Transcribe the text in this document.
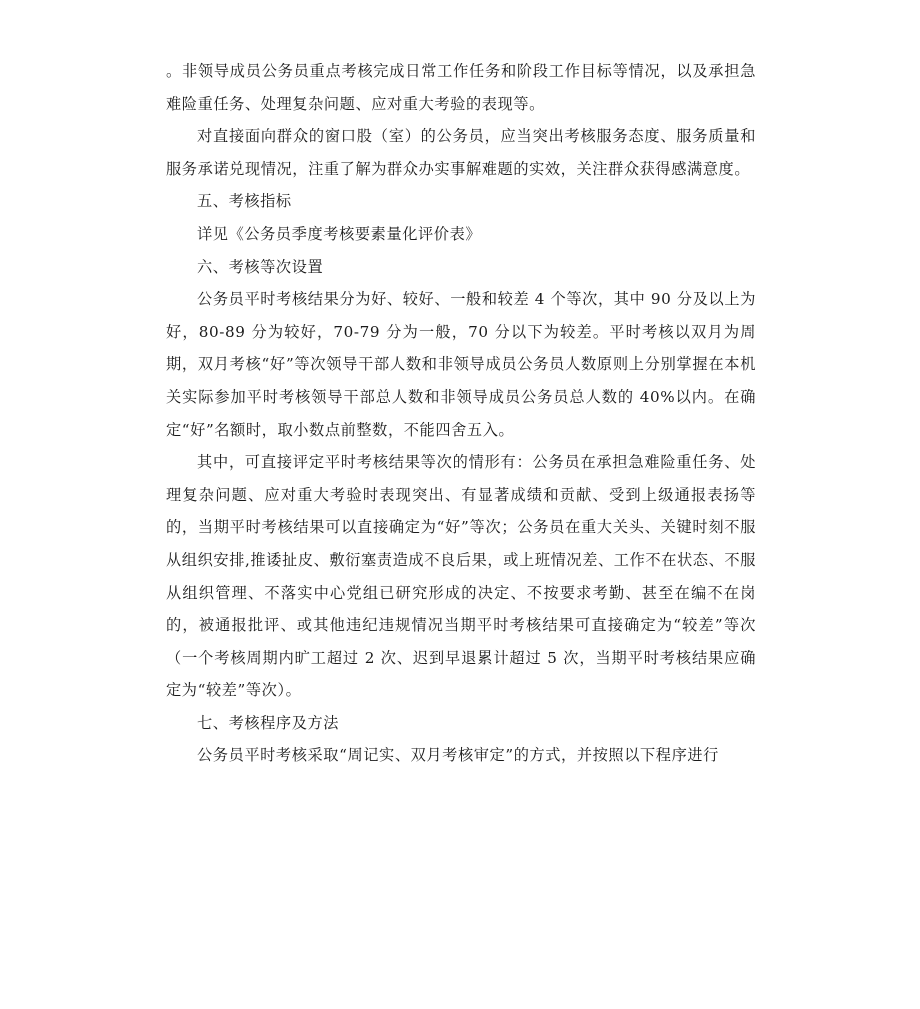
。非领导成员公务员重点考核完成日常工作任务和阶段工作目标等情况，以及承担急难险重任务、处理复杂问题、应对重大考验的表现等。

对直接面向群众的窗口股（室）的公务员，应当突出考核服务态度、服务质量和服务承诺兑现情况，注重了解为群众办实事解难题的实效，关注群众获得感满意度。

五、考核指标

详见《公务员季度考核要素量化评价表》

六、考核等次设置

公务员平时考核结果分为好、较好、一般和较差 4 个等次，其中 90 分及以上为好，80-89 分为较好，70-79 分为一般，70 分以下为较差。平时考核以双月为周期，双月考核“好”等次领导干部人数和非领导成员公务员人数原则上分别掌握在本机关实际参加平时考核领导干部总人数和非领导成员公务员总人数的 40%以内。在确定“好”名额时，取小数点前整数，不能四舍五入。

其中，可直接评定平时考核结果等次的情形有：公务员在承担急难险重任务、处理复杂问题、应对重大考验时表现突出、有显著成绩和贡献、受到上级通报表扬等的，当期平时考核结果可以直接确定为“好”等次；公务员在重大关头、关键时刻不服从组织安排,推诿扯皮、敷衍塞责造成不良后果，或上班情况差、工作不在状态、不服从组织管理、不落实中心党组已研究形成的决定、不按要求考勤、甚至在编不在岗的，被通报批评、或其他违纪违规情况当期平时考核结果可直接确定为“较差”等次（一个考核周期内旷工超过 2 次、迟到早退累计超过 5 次，当期平时考核结果应确定为“较差”等次）。

七、考核程序及方法

公务员平时考核采取“周记实、双月考核审定”的方式，并按照以下程序进行
